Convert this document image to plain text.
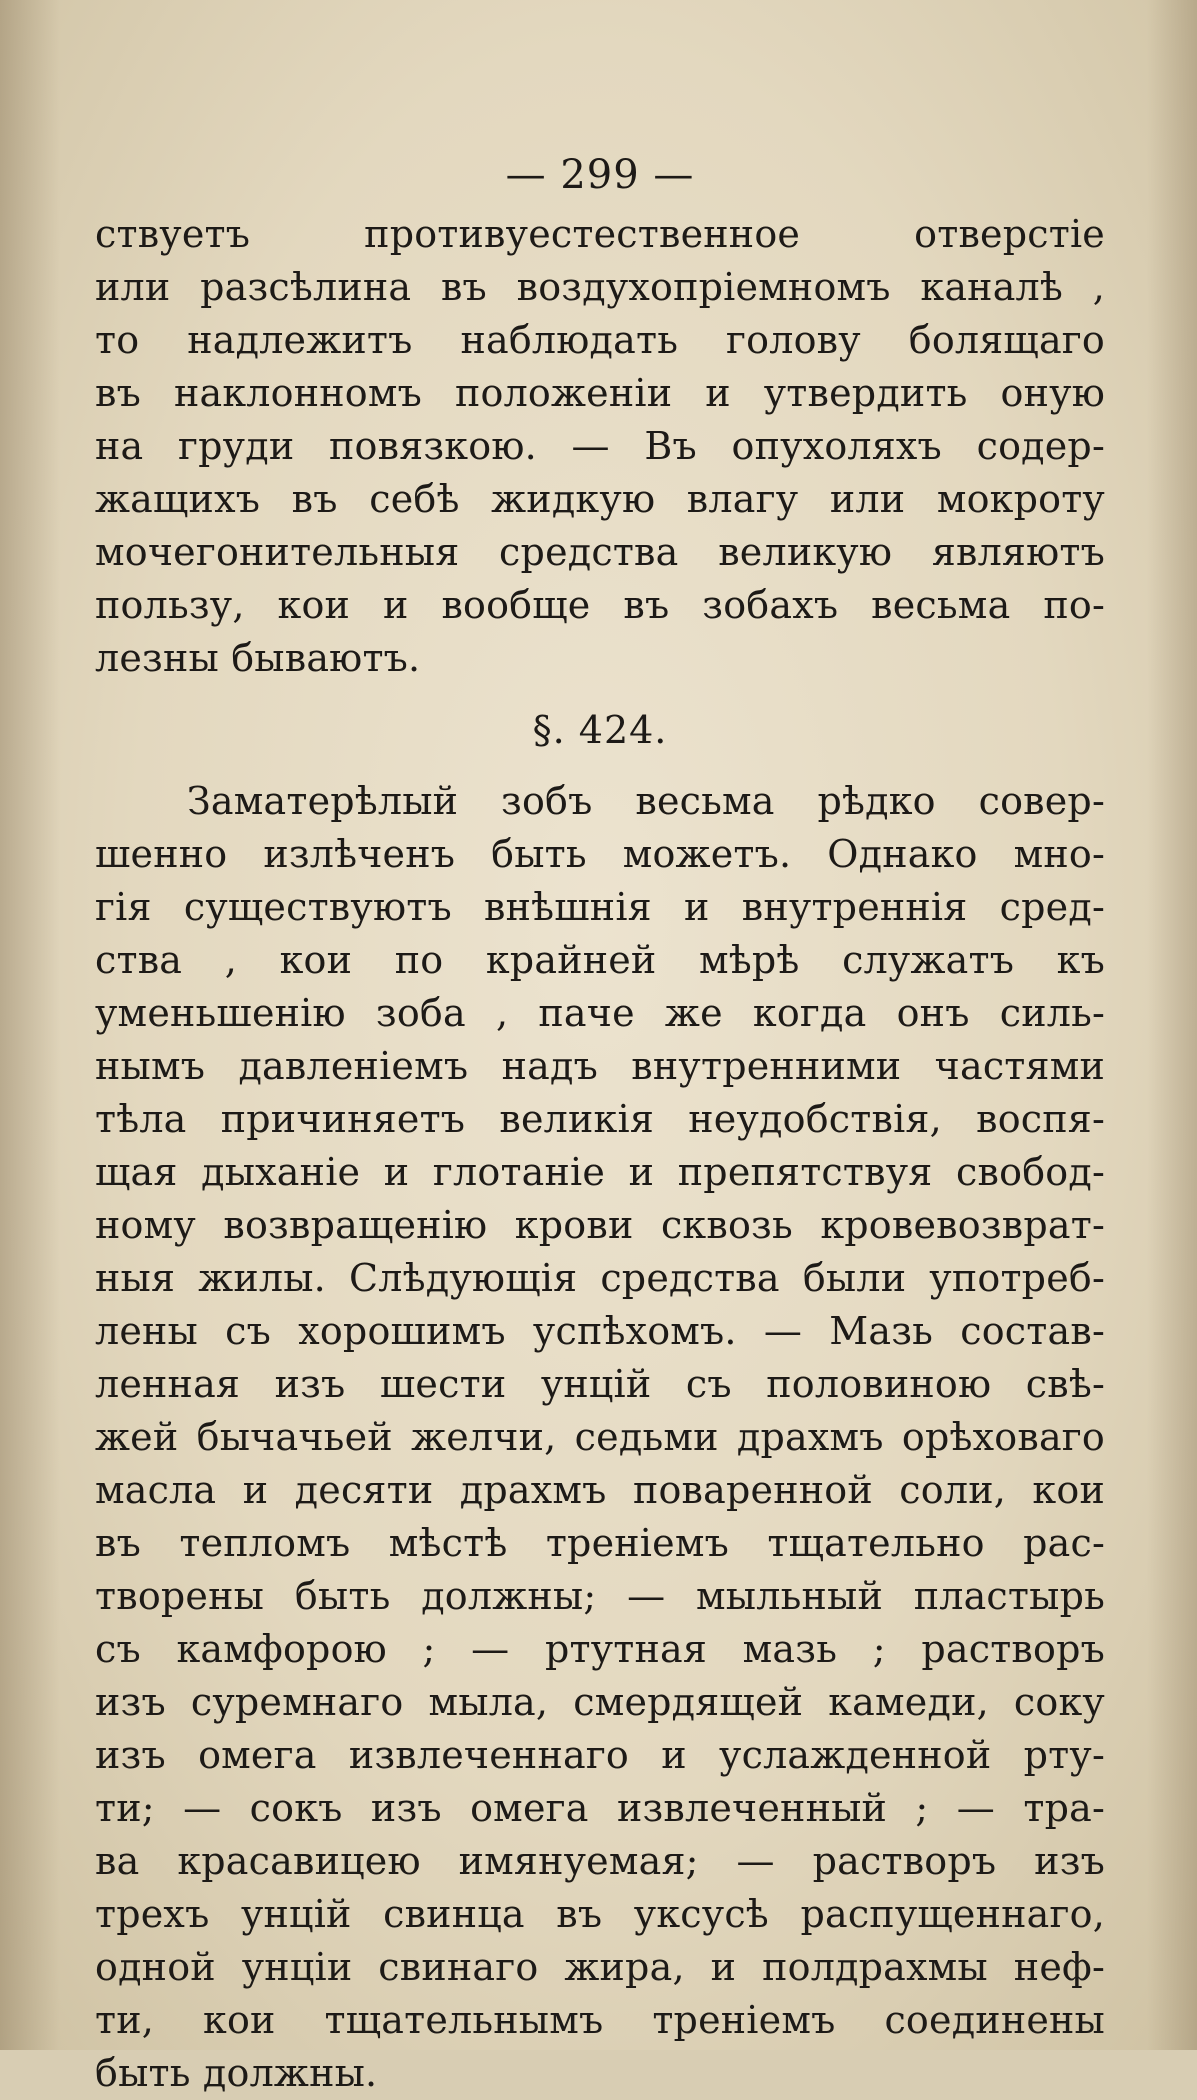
— 299 —
ствуетъ противуестественное отверстіе
или разсѣлина въ воздухопріемномъ каналѣ ,
то надлежитъ наблюдать голову болящаго
въ наклонномъ положеніи и утвердить оную
на груди повязкою. — Въ опухоляхъ содер-
жащихъ въ себѣ жидкую влагу или мокроту
мочегонительныя средства великую являютъ
пользу, кои и вообще въ зобахъ весьма по-
лезны бываютъ.
§. 424.
Заматерѣлый зобъ весьма рѣдко совер-
шенно излѣченъ быть можетъ. Однако мно-
гія существуютъ внѣшнія и внутреннія сред-
ства , кои по крайней мѣрѣ служатъ къ
уменьшенію зоба , паче же когда онъ силь-
нымъ давленіемъ надъ внутренними частями
тѣла причиняетъ великія неудобствія, воспя-
щая дыханіе и глотаніе и препятствуя свобод-
ному возвращенію крови сквозь кровевозврат-
ныя жилы. Слѣдующія средства были употреб-
лены съ хорошимъ успѣхомъ. — Мазь состав-
ленная изъ шести унцій съ половиною свѣ-
жей бычачьей желчи, седьми драхмъ орѣховаго
масла и десяти драхмъ поваренной соли, кои
въ тепломъ мѣстѣ треніемъ тщательно рас-
творены быть должны; — мыльный пластырь
съ камфорою ; — ртутная мазь ; растворъ
изъ суремнаго мыла, смердящей камеди, соку
изъ омега извлеченнаго и услажденной рту-
ти; — сокъ изъ омега извлеченный ; — тра-
ва красавицею имянуемая; — растворъ изъ
трехъ унцій свинца въ уксусѣ распущеннаго,
одной унціи свинаго жира, и полдрахмы неф-
ти, кои тщательнымъ треніемъ соединены
быть должны.
